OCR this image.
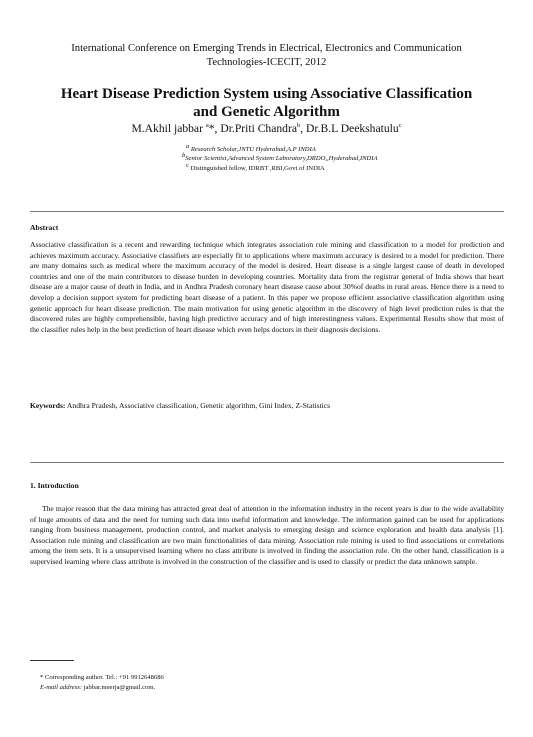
International Conference on Emerging Trends in Electrical, Electronics and Communication
Technologies-ICECIT, 2012
Heart Disease Prediction System using Associative Classification
and Genetic Algorithm
M.Akhil jabbar $^a$*, Dr.Priti Chandra$^b$, Dr.B.L Deekshatulu$^c$
$^a$ Research Scholar,JNTU Hyderabad,A.P INDIA
$^b$Senior Scientist,Advanced System Laboratory,DRDO,,Hyderabad,INDIA
$^c$ Distinguished fellow, IDRBT ,RBI,Govt of INDIA
Abstract
Associative classification is a recent and rewarding technique which integrates association rule mining and classification to a model for prediction and achieves maximum accuracy. Associative classifiers are especially fit to applications where maximum accuracy is desired to a model for prediction. There are many domains such as medical where the maximum accuracy of the model is desired. Heart disease is a single largest cause of death in developed countries and one of the main contributors to disease burden in developing countries. Mortality data from the registrar general of India shows that heart disease are a major cause of death in India, and in Andhra Pradesh coronary heart disease cause about 30%of deaths in rural areas. Hence there is a need to develop a decision support system for predicting heart disease of a patient. In this paper we propose efficient associative classification algorithm using genetic approach for heart disease prediction. The main motivation for using genetic algorithm in the discovery of high level prediction rules is that the discovered rules are highly comprehensible, having high predictive accuracy and of high interestingness values. Experimental Results show that most of the classifier rules help in the best prediction of heart disease which even helps doctors in their diagnosis decisions.
Keywords: Andhra Pradesh, Associative classification, Genetic algorithm, Gini Index, Z-Statistics
1. Introduction
The major reason that the data mining has attracted great deal of attention in the information industry in the recent years is due to the wide availability of huge amounts of data and the need for turning such data into useful information and knowledge. The information gained can be used for applications ranging from business management, production control, and market analysis to emerging design and science exploration and health data analysis [1]. Association rule mining and classification are two main functionalities of data mining. Association rule mining is used to find associations or correlations among the item sets. It is a unsupervised learning where no class attribute is involved in finding the association rule. On the other hand, classification is a supervised learning where class attribute is involved in the construction of the classifier and is used to classify or predict the data unknown sample.
* Corresponding author. Tel.: +91 9912648686
E-mail address: jabbar.meerja@gmail.com.
